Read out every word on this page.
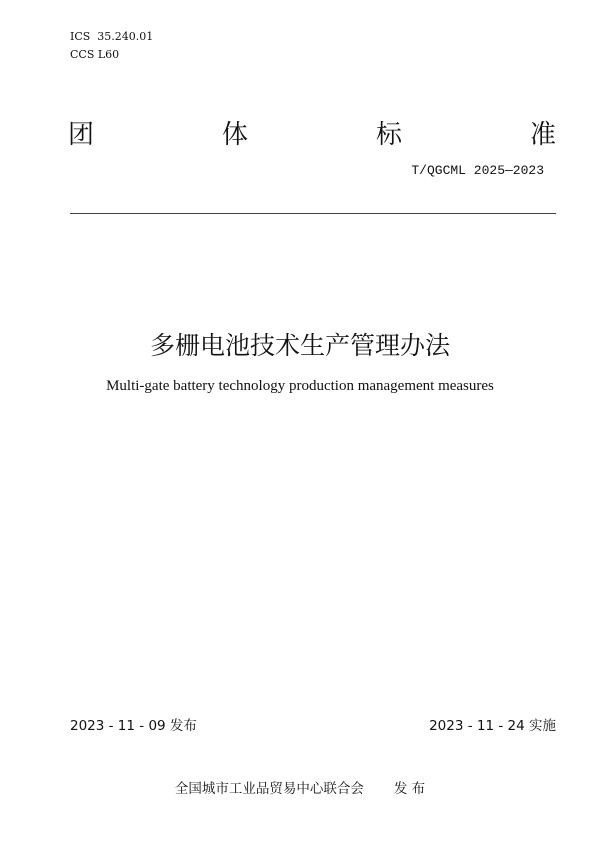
ICS  35.240.01
CCS L60
团	体	标	准
T/QGCML 2025—2023
多栅电池技术生产管理办法
Multi-gate battery technology production management measures
2023 - 11 - 09 发布	2023 - 11 - 24 实施
全国城市工业品贸易中心联合会 发 布
